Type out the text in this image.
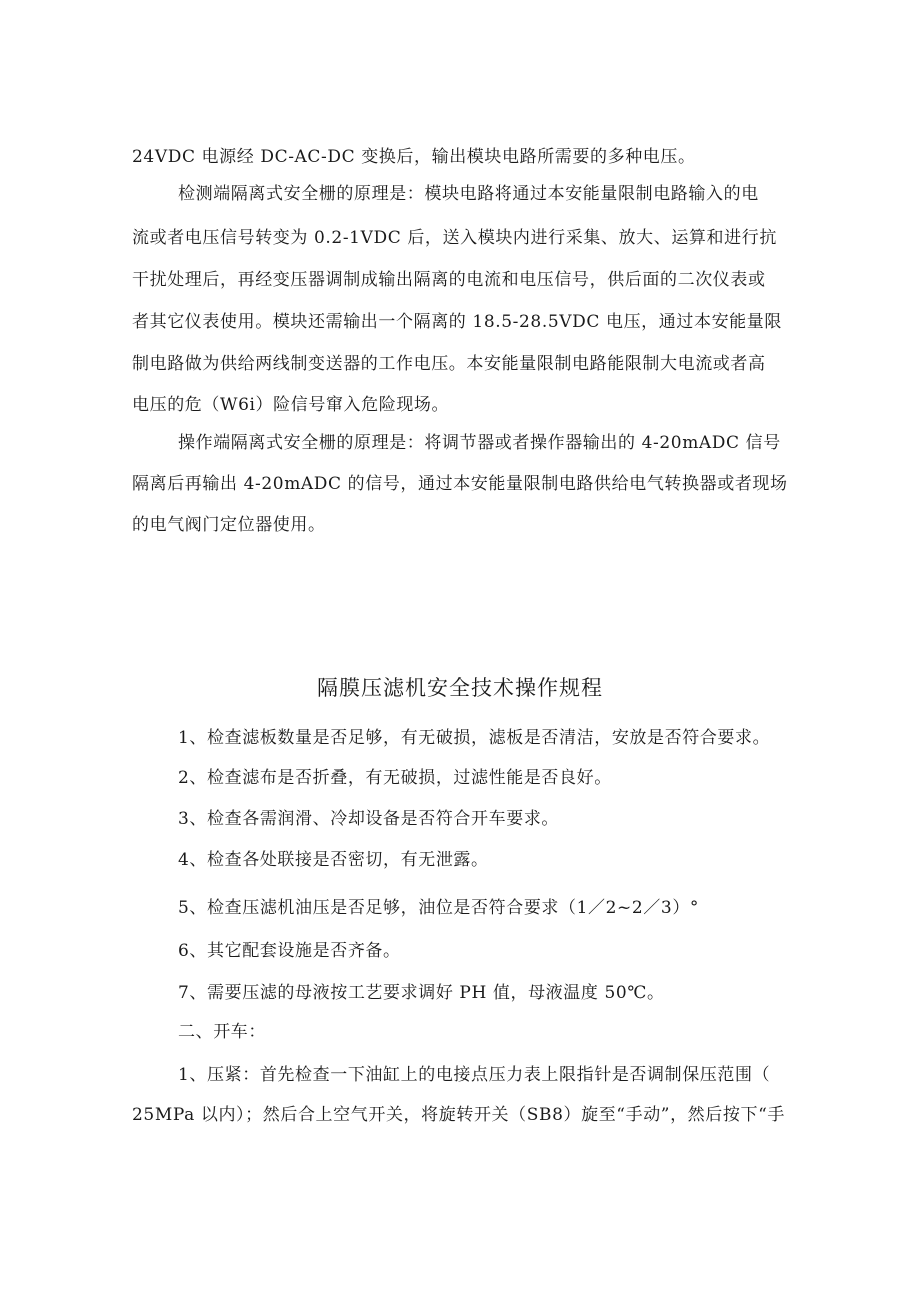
24VDC 电源经 DC-AC-DC 变换后，输出模块电路所需要的多种电压。
检测端隔离式安全栅的原理是：模块电路将通过本安能量限制电路输入的电
流或者电压信号转变为 0.2-1VDC 后，送入模块内进行采集、放大、运算和进行抗
干扰处理后，再经变压器调制成输出隔离的电流和电压信号，供后面的二次仪表或
者其它仪表使用。模块还需输出一个隔离的 18.5-28.5VDC 电压，通过本安能量限
制电路做为供给两线制变送器的工作电压。本安能量限制电路能限制大电流或者高
电压的危（W6i）险信号窜入危险现场。
操作端隔离式安全栅的原理是：将调节器或者操作器输出的 4-20mADC 信号
隔离后再输出 4-20mADC 的信号，通过本安能量限制电路供给电气转换器或者现场
的电气阀门定位器使用。
隔膜压滤机安全技术操作规程
1、检查滤板数量是否足够，有无破损，滤板是否清洁，安放是否符合要求。
2、检查滤布是否折叠，有无破损，过滤性能是否良好。
3、检查各需润滑、冷却设备是否符合开车要求。
4、检查各处联接是否密切，有无泄露。
5、检查压滤机油压是否足够，油位是否符合要求（1／2~2／3）°
6、其它配套设施是否齐备。
7、需要压滤的母液按工艺要求调好 PH 值，母液温度 50℃。
二、开车：
1、压紧：首先检查一下油缸上的电接点压力表上限指针是否调制保压范围（
25MPa 以内）；然后合上空气开关，将旋转开关（SB8）旋至“手动”，然后按下“手
